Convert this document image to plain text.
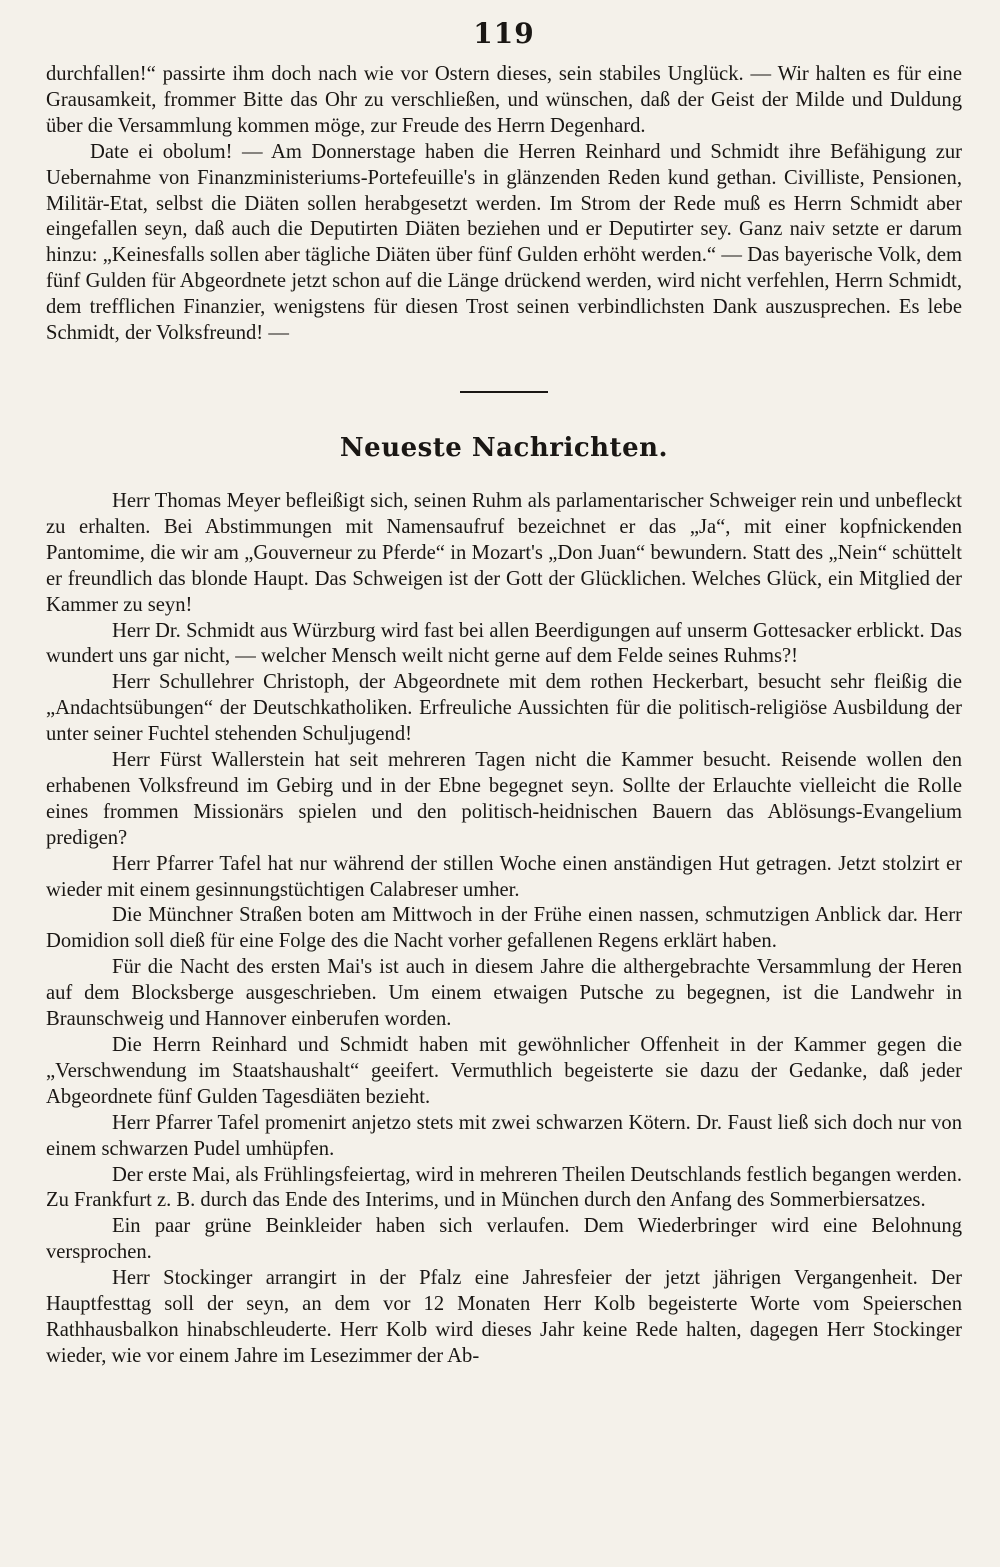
119

durchfallen!“ passirte ihm doch nach wie vor Ostern dieses, sein stabiles Unglück. — Wir halten es für eine Grausamkeit, frommer Bitte das Ohr zu verschließen, und wünschen, daß der Geist der Milde und Duldung über die Versammlung kommen möge, zur Freude des Herrn Degenhard.

Date ei obolum! — Am Donnerstage haben die Herren Reinhard und Schmidt ihre Befähigung zur Uebernahme von Finanzministeriums-Portefeuille's in glänzenden Reden kund gethan. Civilliste, Pensionen, Militär-Etat, selbst die Diäten sollen herabgesetzt werden. Im Strom der Rede muß es Herrn Schmidt aber eingefallen seyn, daß auch die Deputirten Diäten beziehen und er Deputirter sey. Ganz naiv setzte er darum hinzu: „Keinesfalls sollen aber tägliche Diäten über fünf Gulden erhöht werden.“ — Das bayerische Volk, dem fünf Gulden für Abgeordnete jetzt schon auf die Länge drückend werden, wird nicht verfehlen, Herrn Schmidt, dem trefflichen Finanzier, wenigstens für diesen Trost seinen verbindlichsten Dank auszusprechen. Es lebe Schmidt, der Volksfreund! —

Neueste Nachrichten.

Herr Thomas Meyer befleißigt sich, seinen Ruhm als parlamentarischer Schweiger rein und unbefleckt zu erhalten. Bei Abstimmungen mit Namensaufruf bezeichnet er das „Ja“, mit einer kopfnickenden Pantomime, die wir am „Gouverneur zu Pferde“ in Mozart's „Don Juan“ bewundern. Statt des „Nein“ schüttelt er freundlich das blonde Haupt. Das Schweigen ist der Gott der Glücklichen. Welches Glück, ein Mitglied der Kammer zu seyn!

Herr Dr. Schmidt aus Würzburg wird fast bei allen Beerdigungen auf unserm Gottesacker erblickt. Das wundert uns gar nicht, — welcher Mensch weilt nicht gerne auf dem Felde seines Ruhms?!

Herr Schullehrer Christoph, der Abgeordnete mit dem rothen Heckerbart, besucht sehr fleißig die „Andachtsübungen“ der Deutschkatholiken. Erfreuliche Aussichten für die politisch-religiöse Ausbildung der unter seiner Fuchtel stehenden Schuljugend!

Herr Fürst Wallerstein hat seit mehreren Tagen nicht die Kammer besucht. Reisende wollen den erhabenen Volksfreund im Gebirg und in der Ebne begegnet seyn. Sollte der Erlauchte vielleicht die Rolle eines frommen Missionärs spielen und den politisch-heidnischen Bauern das Ablösungs-Evangelium predigen?

Herr Pfarrer Tafel hat nur während der stillen Woche einen anständigen Hut getragen. Jetzt stolzirt er wieder mit einem gesinnungstüchtigen Calabreser umher.

Die Münchner Straßen boten am Mittwoch in der Frühe einen nassen, schmutzigen Anblick dar. Herr Domidion soll dieß für eine Folge des die Nacht vorher gefallenen Regens erklärt haben.

Für die Nacht des ersten Mai's ist auch in diesem Jahre die althergebrachte Versammlung der Heren auf dem Blocksberge ausgeschrieben. Um einem etwaigen Putsche zu begegnen, ist die Landwehr in Braunschweig und Hannover einberufen worden.

Die Herrn Reinhard und Schmidt haben mit gewöhnlicher Offenheit in der Kammer gegen die „Verschwendung im Staatshaushalt“ geeifert. Vermuthlich begeisterte sie dazu der Gedanke, daß jeder Abgeordnete fünf Gulden Tagesdiäten bezieht.

Herr Pfarrer Tafel promenirt anjetzo stets mit zwei schwarzen Kötern. Dr. Faust ließ sich doch nur von einem schwarzen Pudel umhüpfen.

Der erste Mai, als Frühlingsfeiertag, wird in mehreren Theilen Deutschlands festlich begangen werden. Zu Frankfurt z. B. durch das Ende des Interims, und in München durch den Anfang des Sommerbiersatzes.

Ein paar grüne Beinkleider haben sich verlaufen. Dem Wiederbringer wird eine Belohnung versprochen.

Herr Stockinger arrangirt in der Pfalz eine Jahresfeier der jetzt jährigen Vergangenheit. Der Hauptfesttag soll der seyn, an dem vor 12 Monaten Herr Kolb begeisterte Worte vom Speierschen Rathhausbalkon hinabschleuderte. Herr Kolb wird dieses Jahr keine Rede halten, dagegen Herr Stockinger wieder, wie vor einem Jahre im Lesezimmer der Ab-
